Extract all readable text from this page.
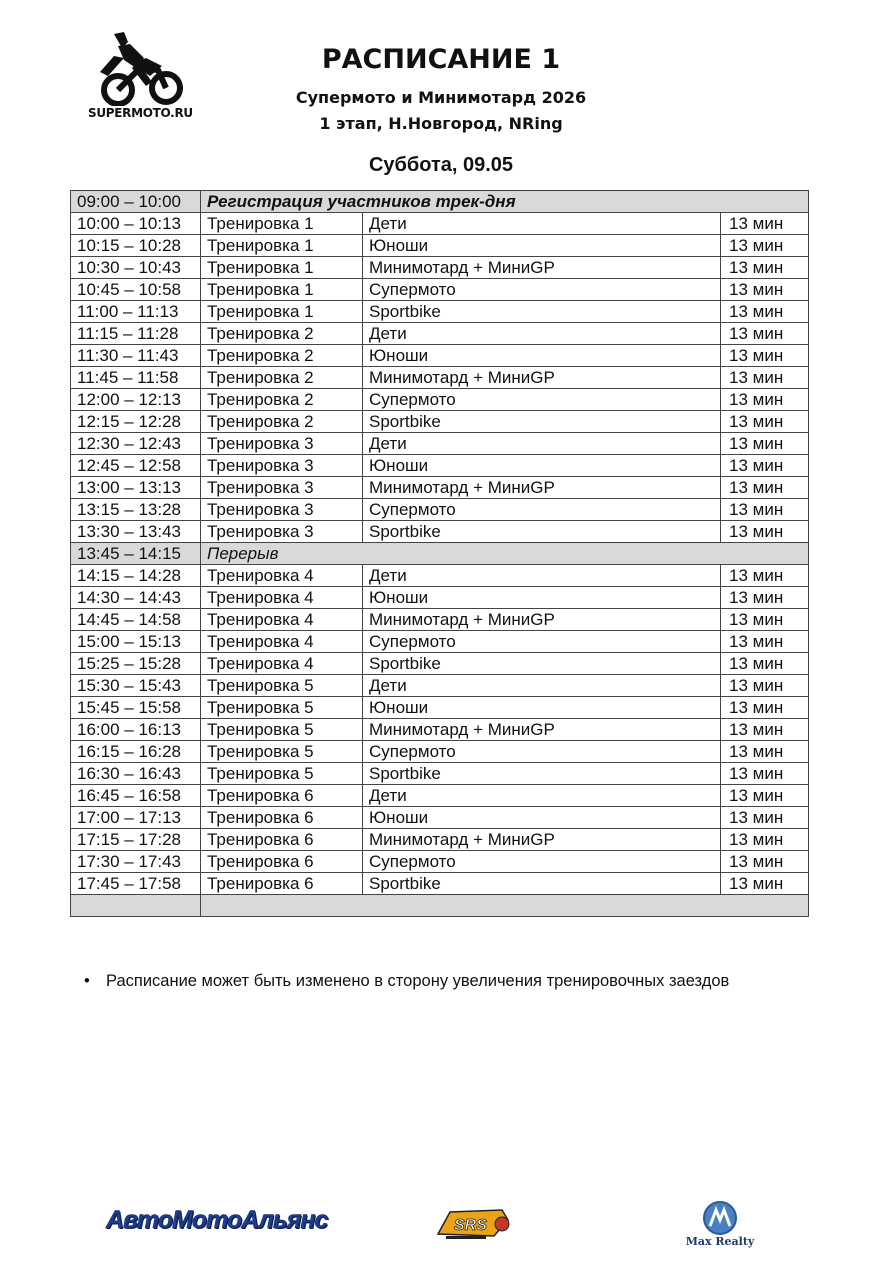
SUPERMOTO.RU
РАСПИСАНИЕ 1
Супермото и Минимотард 2026
1 этап, Н.Новгород, NRing
Суббота, 09.05
09:00 – 10:00	Регистрация участников трек-дня		
10:00 – 10:13	Тренировка 1	Дети	13 мин
10:15 – 10:28	Тренировка 1	Юноши	13 мин
10:30 – 10:43	Тренировка 1	Минимотард + МиниGP	13 мин
10:45 – 10:58	Тренировка 1	Супермото	13 мин
11:00 – 11:13	Тренировка 1	Sportbike	13 мин
11:15 – 11:28	Тренировка 2	Дети	13 мин
11:30 – 11:43	Тренировка 2	Юноши	13 мин
11:45 – 11:58	Тренировка 2	Минимотард + МиниGP	13 мин
12:00 – 12:13	Тренировка 2	Супермото	13 мин
12:15 – 12:28	Тренировка 2	Sportbike	13 мин
12:30 – 12:43	Тренировка 3	Дети	13 мин
12:45 – 12:58	Тренировка 3	Юноши	13 мин
13:00 – 13:13	Тренировка 3	Минимотард + МиниGP	13 мин
13:15 – 13:28	Тренировка 3	Супермото	13 мин
13:30 – 13:43	Тренировка 3	Sportbike	13 мин
13:45 – 14:15	Перерыв		
14:15 – 14:28	Тренировка 4	Дети	13 мин
14:30 – 14:43	Тренировка 4	Юноши	13 мин
14:45 – 14:58	Тренировка 4	Минимотард + МиниGP	13 мин
15:00 – 15:13	Тренировка 4	Супермото	13 мин
15:25 – 15:28	Тренировка 4	Sportbike	13 мин
15:30 – 15:43	Тренировка 5	Дети	13 мин
15:45 – 15:58	Тренировка 5	Юноши	13 мин
16:00 – 16:13	Тренировка 5	Минимотард + МиниGP	13 мин
16:15 – 16:28	Тренировка 5	Супермото	13 мин
16:30 – 16:43	Тренировка 5	Sportbike	13 мин
16:45 – 16:58	Тренировка 6	Дети	13 мин
17:00 – 17:13	Тренировка 6	Юноши	13 мин
17:15 – 17:28	Тренировка 6	Минимотард + МиниGP	13 мин
17:30 – 17:43	Тренировка 6	Супермото	13 мин
17:45 – 17:58	Тренировка 6	Sportbike	13 мин

• Расписание может быть изменено в сторону увеличения тренировочных заездов
АвтоМотоАльянс	SRS
Max Realty
